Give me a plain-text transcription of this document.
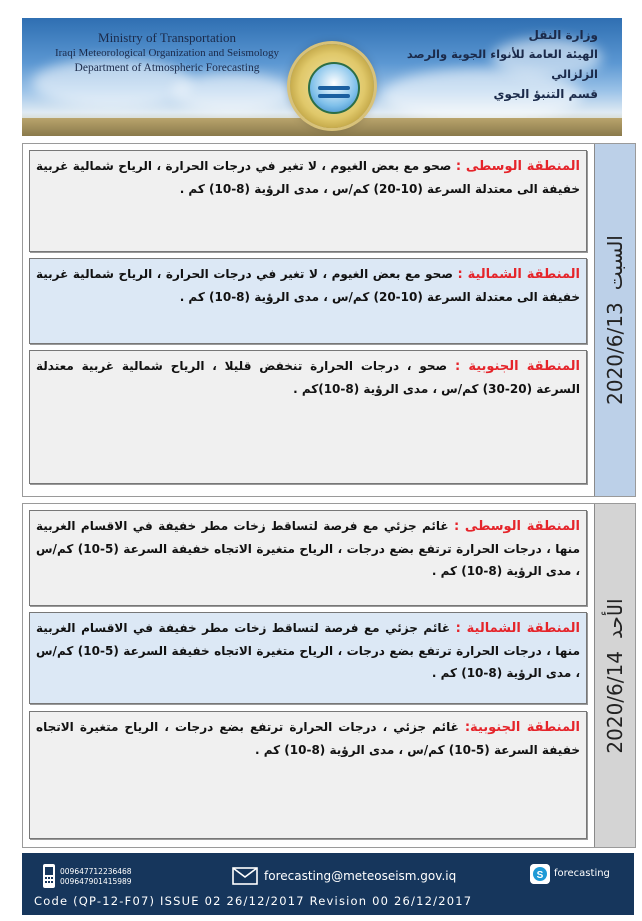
Ministry of Transportation
Iraqi Meteorological Organization and Seismology
Department of Atmospheric Forecasting
وزارة النقل
الهيئة العامة للأنواء الجوية والرصد الزلزالي
قسم التنبؤ الجوي
2020/6/13السبت
المنطقة الوسطى : صحو مع بعض الغيوم ، لا تغير في درجات الحرارة ، الرياح شمالية غربية خفيفة الى معتدلة السرعة (10-20) كم/س ، مدى الرؤية (8-10) كم .
المنطقة الشمالية : صحو مع بعض الغيوم ، لا تغير في درجات الحرارة ، الرياح شمالية غربية خفيفة الى معتدلة السرعة (10-20) كم/س ، مدى الرؤية (8-10) كم .
المنطقة الجنوبية : صحو ، درجات الحرارة تنخفض قليلا ، الرياح شمالية غربية معتدلة السرعة (20-30) كم/س ، مدى الرؤية (8-10)كم .
2020/6/14الأحد
المنطقة الوسطى : غائم جزئي مع فرصة لتساقط زخات مطر خفيفة في الاقسام الغربية منها ، درجات الحرارة ترتفع بضع درجات ، الرياح متغيرة الاتجاه خفيفة السرعة (5-10) كم/س ، مدى الرؤية (8-10) كم .
المنطقة الشمالية : غائم جزئي مع فرصة لتساقط زخات مطر خفيفة في الاقسام الغربية منها ، درجات الحرارة ترتفع بضع درجات ، الرياح متغيرة الاتجاه خفيفة السرعة (5-10) كم/س ، مدى الرؤية (8-10) كم .
المنطقة الجنوبية: غائم جزئي ، درجات الحرارة ترتفع بضع درجات ، الرياح متغيرة الاتجاه خفيفة السرعة (5-10) كم/س ، مدى الرؤية (8-10) كم .
009647712236468
009647901415989	forecasting@meteoseism.gov.iq	S forecasting
Code (QP-12-F07) ISSUE 02 26/12/2017 Revision 00 26/12/2017
